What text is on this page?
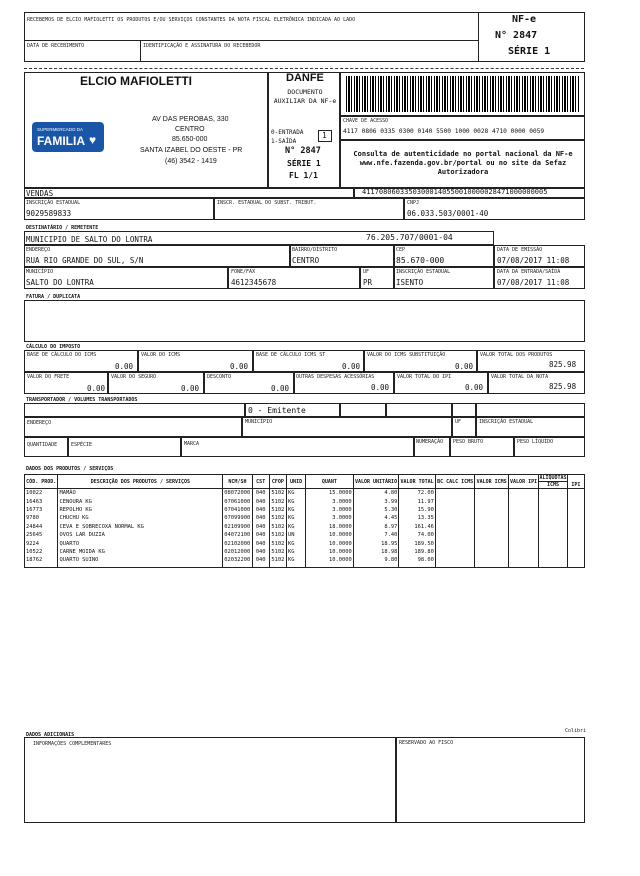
RECEBEMOS DE ELCIO MAFIOLETTI OS PRODUTOS E/OU SERVIÇOS CONSTANTES DA NOTA FISCAL ELETRÔNICA INDICADA AO LADO
DATA DE RECEBIMENTO	IDENTIFICAÇÃO E ASSINATURA DO RECEBEDOR
NF-e
N° 2847
SÉRIE 1
ELCIO MAFIOLETTI
SUPERMERCADO DA
FAMILIA ♥
AV DAS PEROBAS, 330
CENTRO
85.650-000
SANTA IZABEL DO OESTE - PR
(46) 3542 - 1419
DANFE
DOCUMENTO AUXILIAR DA NF-e
0-ENTRADA
1-SAÍDA
1
N° 2847
SÉRIE 1
FL 1/1
CHAVE DE ACESSO
4117 0806 0335 0300 0140 5500 1000 0028 4710 0000 0059
Consulta de autenticidade no portal nacional da NF-e www.nfe.fazenda.gov.br/portal ou no site da Sefaz Autorizadora
VENDAS	41170806033503000140550010000028471000000005
INSCRIÇÃO ESTADUAL
9029589833
INSCR. ESTADUAL DO SUBST. TRIBUT.	CNPJ
06.033.503/0001-40
DESTINATÁRIO / REMETENTE
MUNICIPIO DE SALTO DO LONTRA	76.205.707/0001-04
DATA DE EMISSÃO
07/08/2017 11:08
ENDEREÇO
RUA RIO GRANDE DO SUL, S/N
BAIRRO/DISTRITO
CENTRO
CEP
85.670-000
MUNICÍPIO
SALTO DO LONTRA
FONE/FAX
4612345678
UF
PR
INSCRIÇÃO ESTADUAL
ISENTO
DATA DA ENTRADA/SAÍDA
07/08/2017 11:08
FATURA / DUPLICATA
CÁLCULO DO IMPOSTO
BASE DE CÁLCULO DO ICMS
0.00
VALOR DO ICMS
0.00
BASE DE CÁLCULO ICMS ST
0.00
VALOR DO ICMS SUBSTITUIÇÃO
0.00
VALOR TOTAL DOS PRODUTOS
825.98
VALOR DO FRETE
0.00
VALOR DO SEGURO
0.00
DESCONTO
0.00
OUTRAS DESPESAS ACESSÓRIAS
0.00
VALOR TOTAL DO IPI
0.00
VALOR TOTAL DA NOTA
825.98
TRANSPORTADOR / VOLUMES TRANSPORTADOS
0 - Emitente
ENDEREÇO	MUNICÍPIO	UF	INSCRIÇÃO ESTADUAL
QUANTIDADE	ESPÉCIE	MARCA	NUMERAÇÃO PESO BRUTO	PESO LÍQUIDO
DADOS DOS PRODUTOS / SERVIÇOS
CÓD. PROD.	DESCRIÇÃO DOS PRODUTOS / SERVIÇOS	NCM/SH	CST	CFOP	UNID	QUANT	VALOR UNITÁRIO	VALOR TOTAL	BC CALC ICMS	VALOR ICMS	VALOR IPI	ALÍQUOTAS
ICMS	IPI
10022	MAMÃO	08072000	040	5102	KG	15.0000	4.80	72.00					
16463	CENOURA KG	07061000	040	5102	KG	3.0000	3.99	11.97					
16773	REPOLHO KG	07041000	040	5102	KG	3.0000	5.30	15.90					
9780	CHUCHU KG	07099900	040	5102	KG	3.0000	4.45	13.35					
24844	CEVA E SOBRECOXA NORMAL KG	02109900	040	5102	KG	18.0000	8.97	161.46					
25645	OVOS LAR DUZIA	04072100	040	5102	UN	10.0000	7.40	74.00					
9224	QUARTO	02102000	040	5102	KG	10.0000	18.95	189.50					
10522	CARNE MOIDA KG	02012000	040	5102	KG	10.0000	18.98	189.80					
18762	QUARTO SUINO	02032200	040	5102	KG	10.0000	9.80	98.00					

Colibri
DADOS ADICIONAIS
INFORMAÇÕES COMPLEMENTARES	RESERVADO AO FISCO
